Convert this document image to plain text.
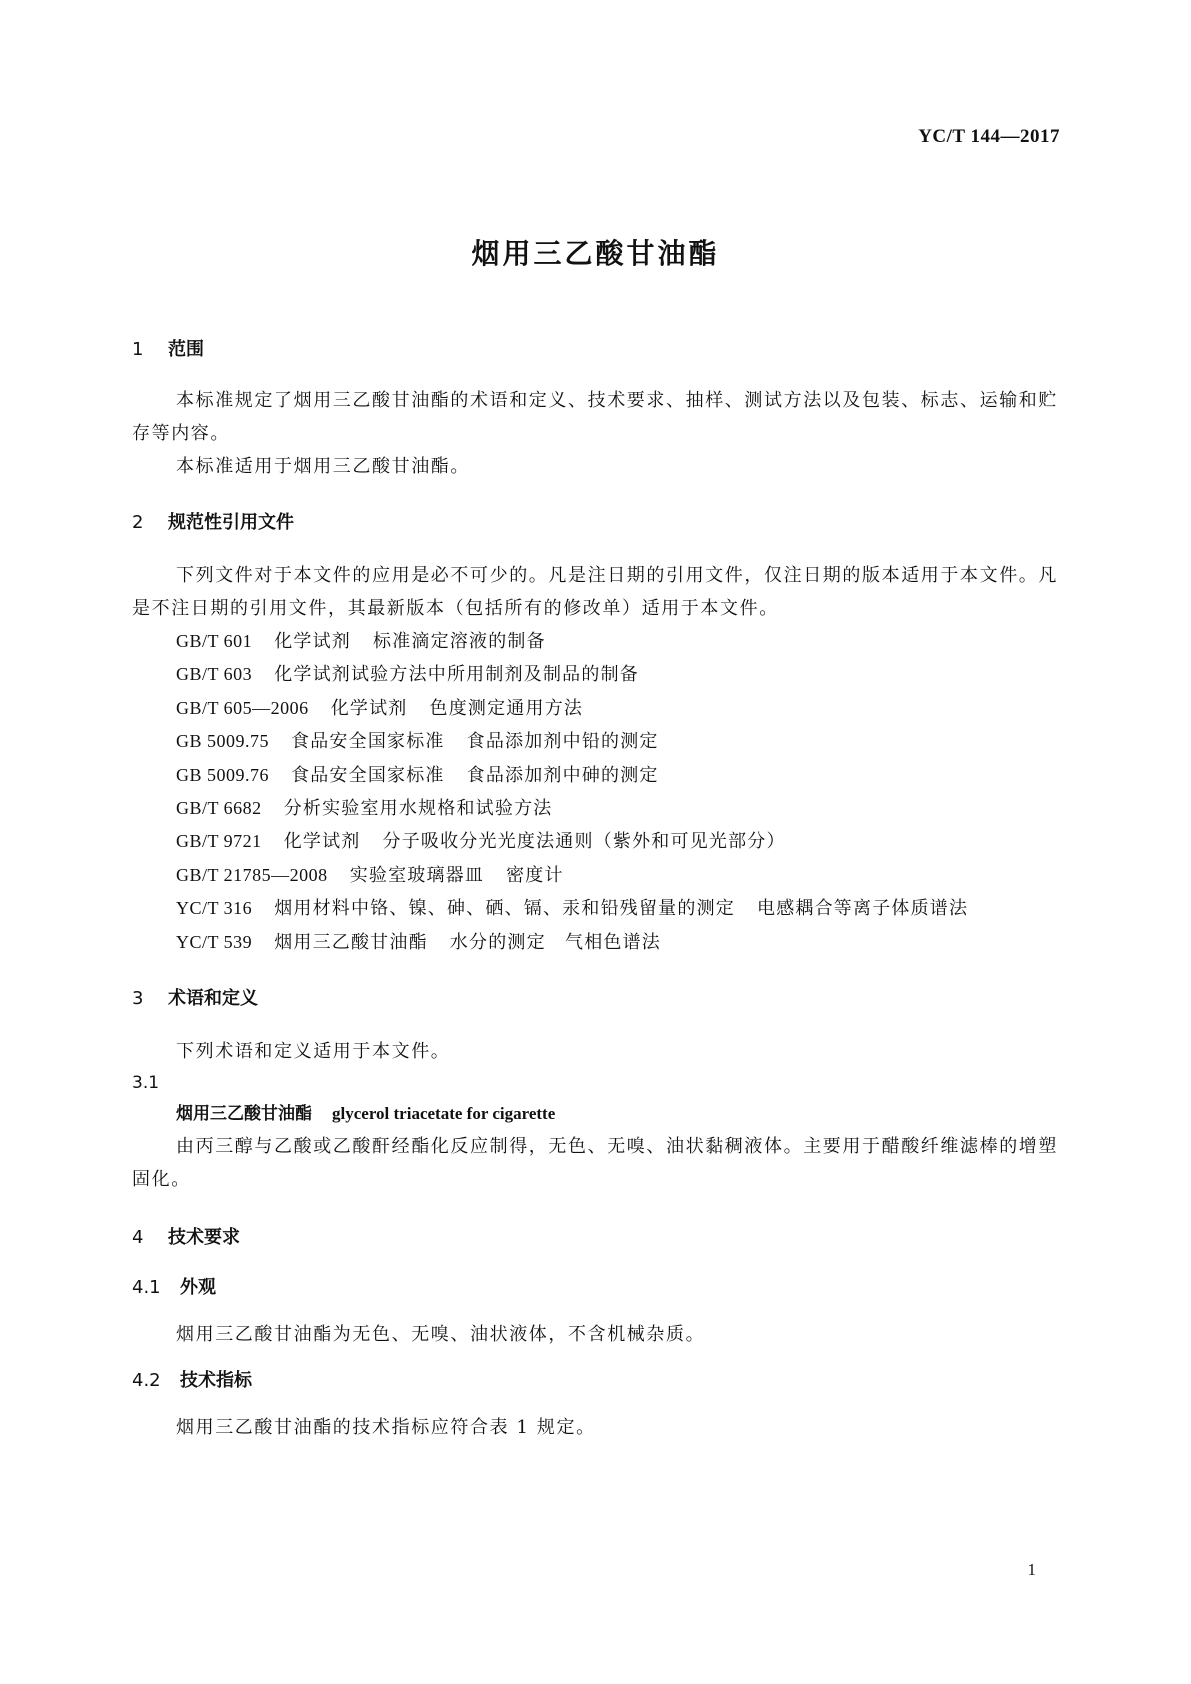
YC/T 144—2017
烟用三乙酸甘油酯
1 范围

本标准规定了烟用三乙酸甘油酯的术语和定义、技术要求、抽样、测试方法以及包装、标志、运输和贮存等内容。

本标准适用于烟用三乙酸甘油酯。

2 规范性引用文件

下列文件对于本文件的应用是必不可少的。凡是注日期的引用文件，仅注日期的版本适用于本文件。凡是不注日期的引用文件，其最新版本（包括所有的修改单）适用于本文件。

GB/T 601 化学试剂 标准滴定溶液的制备
GB/T 603 化学试剂试验方法中所用制剂及制品的制备
GB/T 605—2006 化学试剂 色度测定通用方法
GB 5009.75 食品安全国家标准 食品添加剂中铅的测定
GB 5009.76 食品安全国家标准 食品添加剂中砷的测定
GB/T 6682 分析实验室用水规格和试验方法
GB/T 9721 化学试剂 分子吸收分光光度法通则（紫外和可见光部分）
GB/T 21785—2008 实验室玻璃器皿 密度计
YC/T 316 烟用材料中铬、镍、砷、硒、镉、汞和铅残留量的测定 电感耦合等离子体质谱法
YC/T 539 烟用三乙酸甘油酯 水分的测定　气相色谱法
3 术语和定义

下列术语和定义适用于本文件。

3.1
烟用三乙酸甘油酯 glycerol triacetate for cigarette

由丙三醇与乙酸或乙酸酐经酯化反应制得，无色、无嗅、油状黏稠液体。主要用于醋酸纤维滤棒的增塑固化。

4 技术要求
4.1 外观

烟用三乙酸甘油酯为无色、无嗅、油状液体，不含机械杂质。

4.2 技术指标

烟用三乙酸甘油酯的技术指标应符合表 1 规定。

1
